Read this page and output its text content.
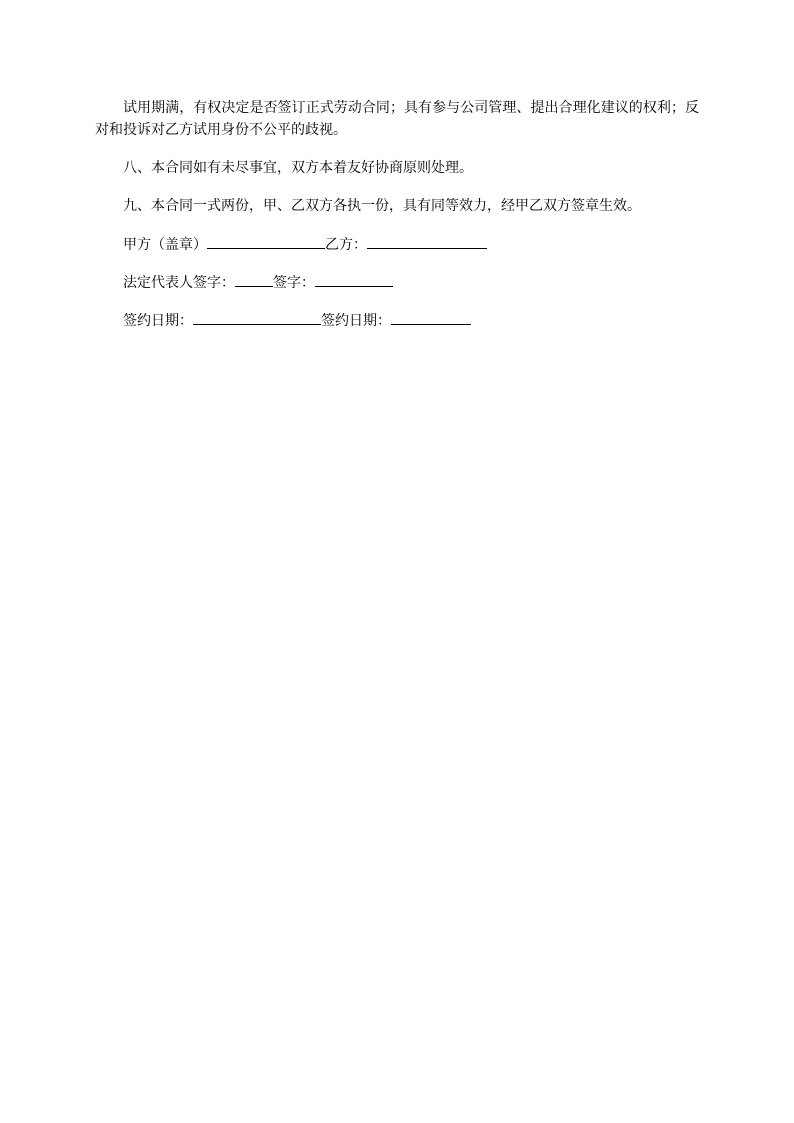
试用期满，有权决定是否签订正式劳动合同；具有参与公司管理、提出合理化建议的权利；反对和投诉对乙方试用身份不公平的歧视。

八、本合同如有未尽事宜，双方本着友好协商原则处理。

九、本合同一式两份，甲、乙双方各执一份，具有同等效力，经甲乙双方签章生效。

甲方（盖章）	乙方：
法定代表人签字：	签字：
签约日期：	签约日期：
